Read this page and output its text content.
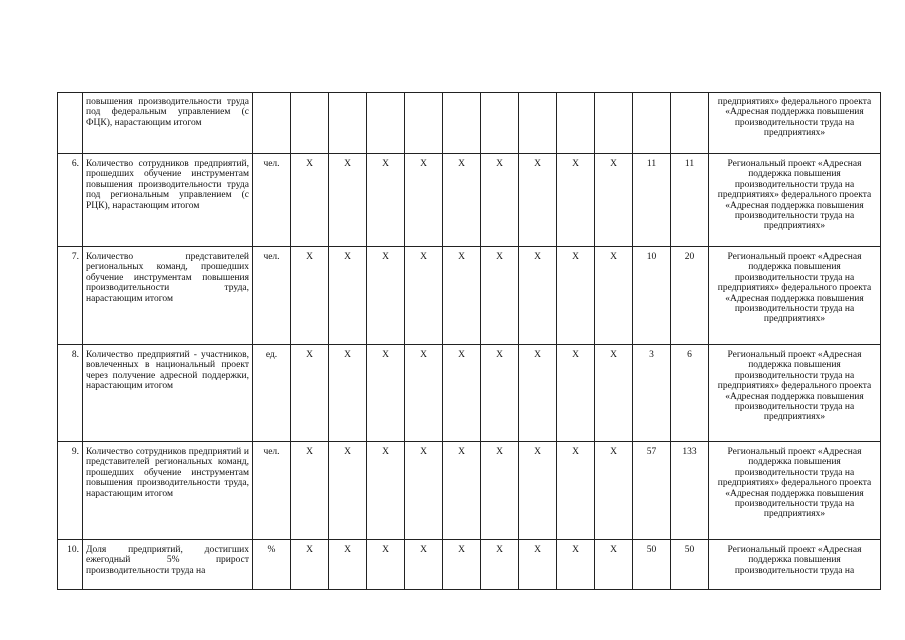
	повышения производительности труда под федеральным управлением (с ФЦК), нарастающим итогом													предприятиях» федерального проекта «Адресная поддержка повышения производительности труда на предприятиях»
6.	Количество сотрудников предприятий, прошедших обучение инструментам повышения производительности труда под региональным управлением (с РЦК), нарастающим итогом	чел.	X	X	X	X	X	X	X	X	X	11	11	Региональный проект «Адресная поддержка повышения производительности труда на предприятиях» федерального проекта «Адресная поддержка повышения производительности труда на предприятиях»
7.	Количество представителей региональных команд, прошедших обучение инструментам повышения производительности труда, нарастающим итогом	чел.	X	X	X	X	X	X	X	X	X	10	20	Региональный проект «Адресная поддержка повышения производительности труда на предприятиях» федерального проекта «Адресная поддержка повышения производительности труда на предприятиях»
8.	Количество предприятий - участников, вовлеченных в национальный проект через получение адресной поддержки, нарастающим итогом	ед.	X	X	X	X	X	X	X	X	X	3	6	Региональный проект «Адресная поддержка повышения производительности труда на предприятиях» федерального проекта «Адресная поддержка повышения производительности труда на предприятиях»
9.	Количество сотрудников предприятий и представителей региональных команд, прошедших обучение инструментам повышения производительности труда, нарастающим итогом	чел.	X	X	X	X	X	X	X	X	X	57	133	Региональный проект «Адресная поддержка повышения производительности труда на предприятиях» федерального проекта «Адресная поддержка повышения производительности труда на предприятиях»
10.	Доля предприятий, достигших ежегодный 5% прирост производительности труда на	%	X	X	X	X	X	X	X	X	X	50	50	Региональный проект «Адресная поддержка повышения производительности труда на
